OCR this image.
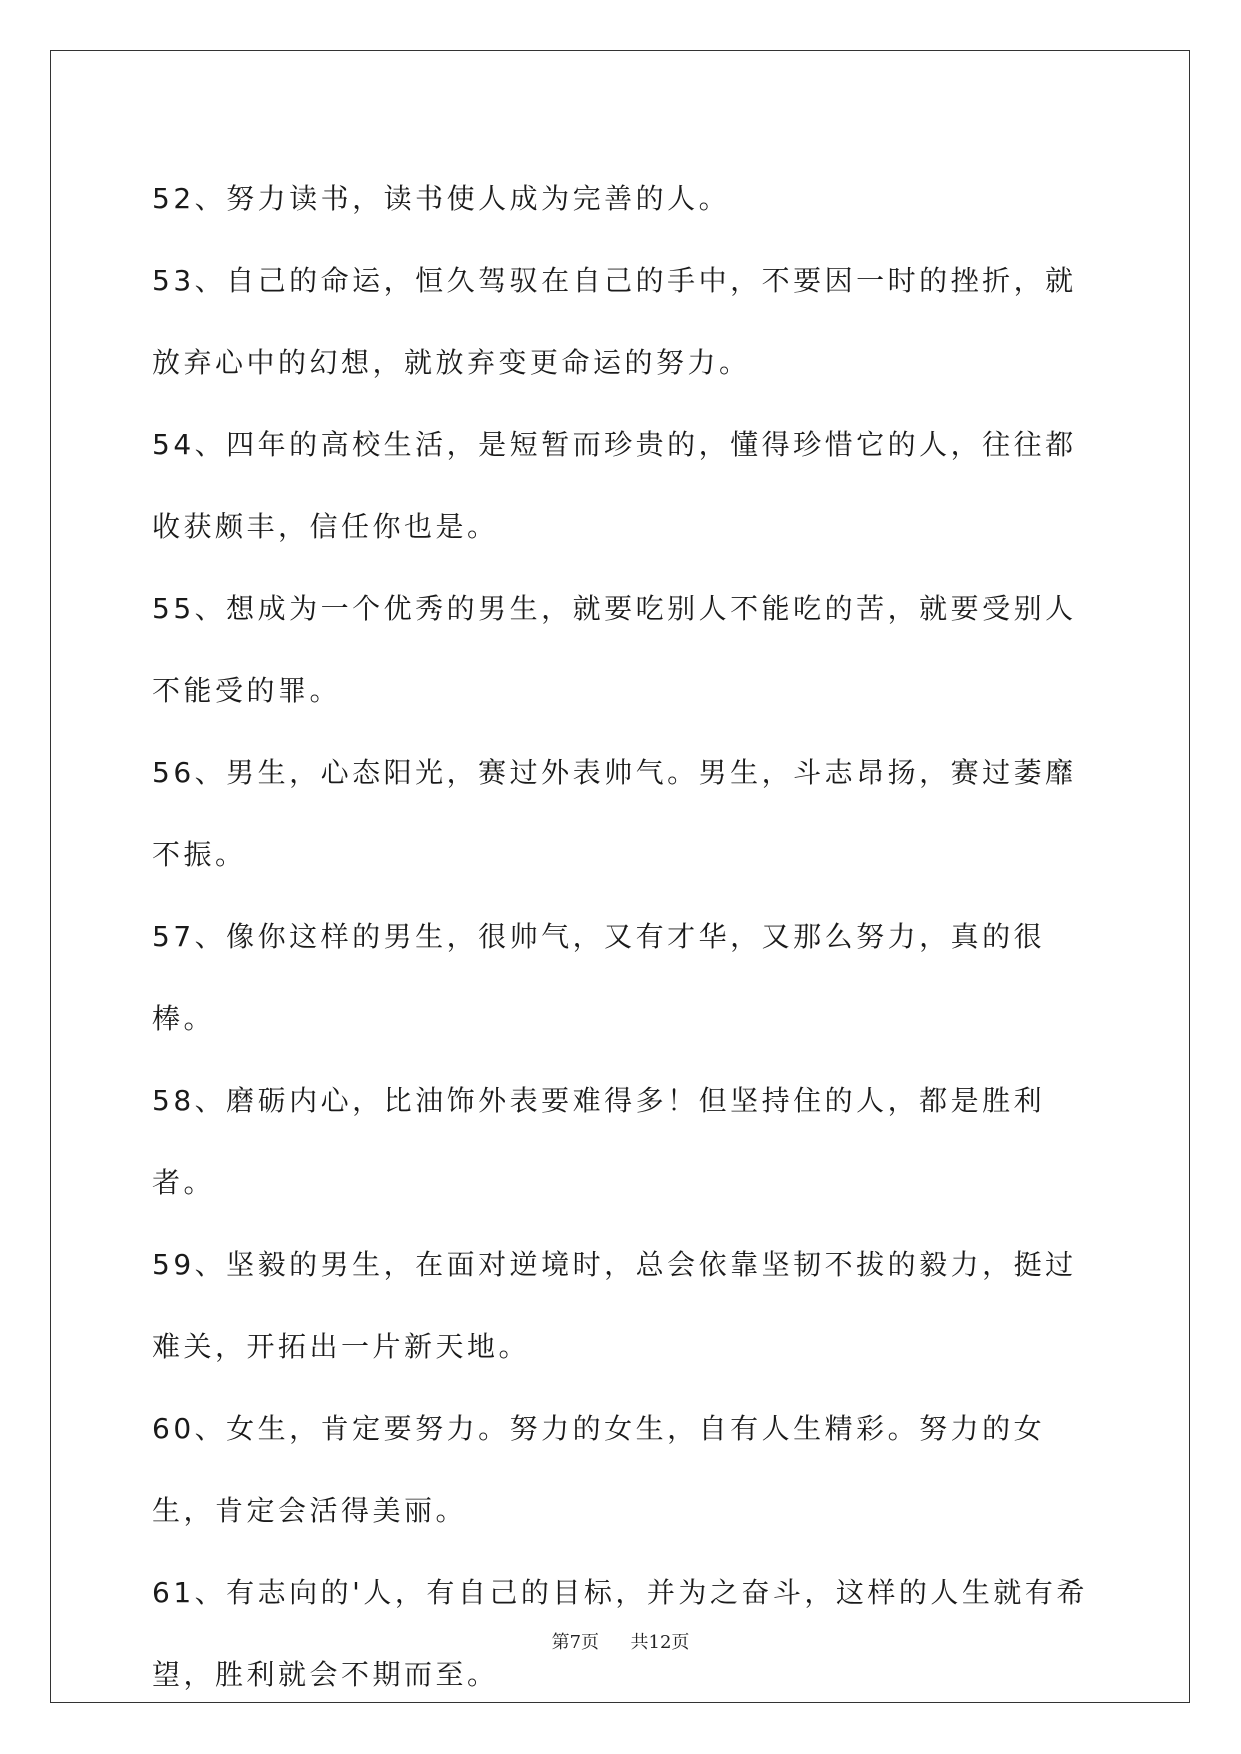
52、努力读书，读书使人成为完善的人。

53、自己的命运，恒久驾驭在自己的手中，不要因一时的挫折，就放弃心中的幻想，就放弃变更命运的努力。

54、四年的高校生活，是短暂而珍贵的，懂得珍惜它的人，往往都收获颇丰，信任你也是。

55、想成为一个优秀的男生，就要吃别人不能吃的苦，就要受别人不能受的罪。

56、男生，心态阳光，赛过外表帅气。男生，斗志昂扬，赛过萎靡不振。

57、像你这样的男生，很帅气，又有才华，又那么努力，真的很棒。

58、磨砺内心，比油饰外表要难得多！但坚持住的人，都是胜利者。

59、坚毅的男生，在面对逆境时，总会依靠坚韧不拔的毅力，挺过难关，开拓出一片新天地。

60、女生，肯定要努力。努力的女生，自有人生精彩。努力的女生，肯定会活得美丽。

61、有志向的'人，有自己的目标，并为之奋斗，这样的人生就有希望，胜利就会不期而至。

第7页 共12页
